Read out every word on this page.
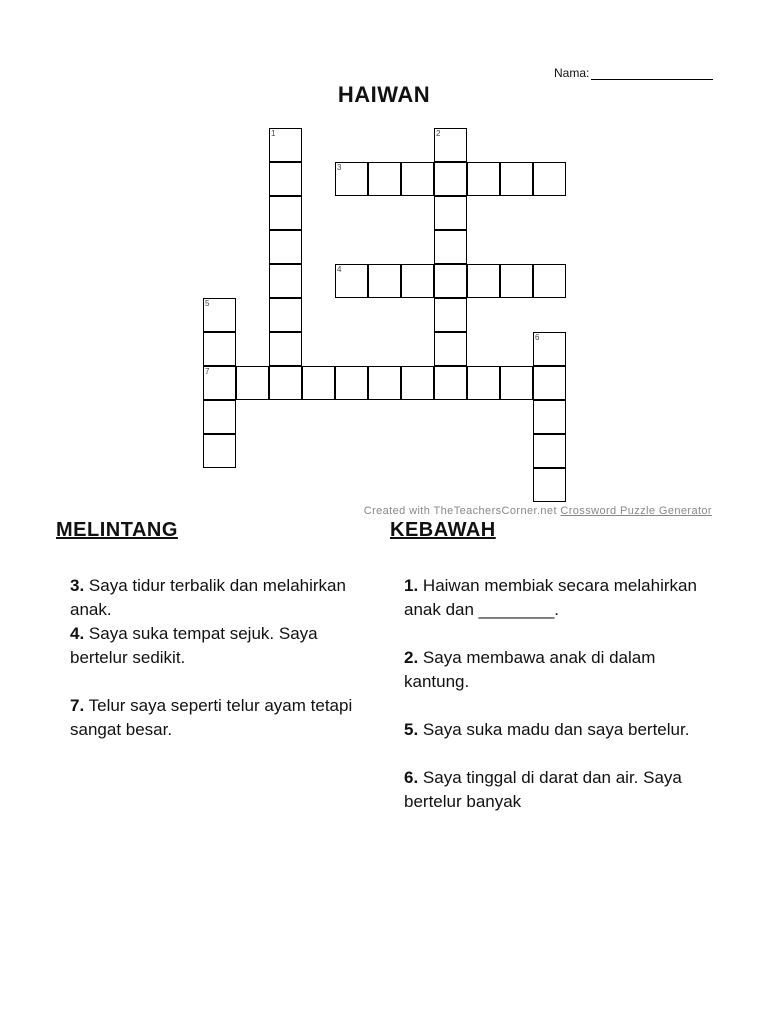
Nama:
HAIWAN
1	2
3
4
5
7
6
Created with TheTeachersCorner.net Crossword Puzzle Generator
MELINTANG	KEBAWAH

3. Saya tidur terbalik dan melahirkan anak.

4. Saya suka tempat sejuk. Saya bertelur sedikit.

7. Telur saya seperti telur ayam tetapi sangat besar.

1. Haiwan membiak secara melahirkan anak dan ________.

2. Saya membawa anak di dalam kantung.

5. Saya suka madu dan saya bertelur.

6. Saya tinggal di darat dan air. Saya bertelur banyak
